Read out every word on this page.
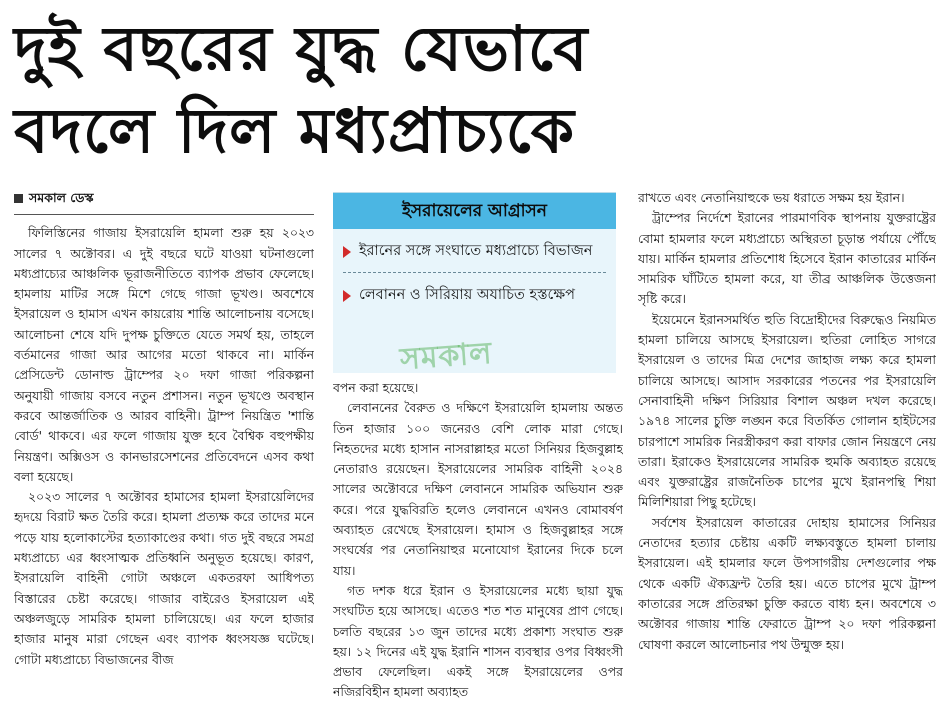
দুই বছরের যুদ্ধ যেভাবে
বদলে দিল মধ্যপ্রাচ্যকে
সমকাল ডেস্ক

ফিলিস্তিনের গাজায় ইসরায়েলি হামলা শুরু হয় ২০২৩ সালের ৭ অক্টোবর। এ দুই বছরে ঘটে যাওয়া ঘটনাগুলো মধ্যপ্রাচ্যের আঞ্চলিক ভূরাজনীতিতে ব্যাপক প্রভাব ফেলেছে। হামলায় মাটির সঙ্গে মিশে গেছে গাজা ভূখণ্ড। অবশেষে ইসরায়েল ও হামাস এখন কায়রোয় শান্তি আলোচনায় বসেছে। আলোচনা শেষে যদি দুপক্ষ চুক্তিতে যেতে সমর্থ হয়, তাহলে বর্তমানের গাজা আর আগের মতো থাকবে না। মার্কিন প্রেসিডেন্ট ডোনাল্ড ট্রাম্পের ২০ দফা গাজা পরিকল্পনা অনুযায়ী গাজায় বসবে নতুন প্রশাসন। নতুন ভূখণ্ডে অবস্থান করবে আন্তর্জাতিক ও আরব বাহিনী। ট্রাম্প নিয়ন্ত্রিত 'শান্তি বোর্ড' থাকবে। এর ফলে গাজায় যুক্ত হবে বৈশ্বিক বহুপক্ষীয় নিয়ন্ত্রণ। অক্সিওস ও কানভারসেশনের প্রতিবেদনে এসব কথা বলা হয়েছে।

২০২৩ সালের ৭ অক্টোবর হামাসের হামলা ইসরায়েলিদের হৃদয়ে বিরাট ক্ষত তৈরি করে। হামলা প্রত্যক্ষ করে তাদের মনে পড়ে যায় হলোকাস্টের হত্যাকাণ্ডের কথা। গত দুই বছরে সমগ্র মধ্যপ্রাচ্যে এর ধ্বংসাত্মক প্রতিধ্বনি অনুভূত হয়েছে। কারণ, ইসরায়েলি বাহিনী গোটা অঞ্চলে একতরফা আধিপত্য বিস্তারের চেষ্টা করেছে। গাজার বাইরেও ইসরায়েল এই অঞ্চলজুড়ে সামরিক হামলা চালিয়েছে। এর ফলে হাজার হাজার মানুষ মারা গেছেন এবং ব্যাপক ধ্বংসযজ্ঞ ঘটেছে। গোটা মধ্যপ্রাচ্যে বিভাজনের বীজ

ইসরায়েলের আগ্রাসন
ইরানের সঙ্গে সংঘাতে মধ্যপ্রাচ্যে বিভাজন
লেবানন ও সিরিয়ায় অযাচিত হস্তক্ষেপ
সমকাল

বপন করা হয়েছে।

লেবাননের বৈরুত ও দক্ষিণে ইসরায়েলি হামলায় অন্তত তিন হাজার ১০০ জনেরও বেশি লোক মারা গেছে। নিহতদের মধ্যে হাসান নাসরাল্লাহর মতো সিনিয়র হিজবুল্লাহ নেতারাও রয়েছেন। ইসরায়েলের সামরিক বাহিনী ২০২৪ সালের অক্টোবরে দক্ষিণ লেবাননে সামরিক অভিযান শুরু করে। পরে যুদ্ধবিরতি হলেও লেবাননে এখনও বোমাবর্ষণ অব্যাহত রেখেছে ইসরায়েল। হামাস ও হিজবুল্লাহর সঙ্গে সংঘর্ষের পর নেতানিয়াহুর মনোযোগ ইরানের দিকে চলে যায়।

গত দশক ধরে ইরান ও ইসরায়েলের মধ্যে ছায়া যুদ্ধ সংঘটিত হয়ে আসছে। এতেও শত শত মানুষের প্রাণ গেছে। চলতি বছরের ১৩ জুন তাদের মধ্যে প্রকাশ্য সংঘাত শুরু হয়। ১২ দিনের এই যুদ্ধ ইরানি শাসন ব্যবস্থার ওপর বিধ্বংসী প্রভাব ফেলেছিল। একই সঙ্গে ইসরায়েলের ওপর নজিরবিহীন হামলা অব্যাহত

রাখতে এবং নেতানিয়াহুকে ভয় ধরাতে সক্ষম হয় ইরান।

ট্রাম্পের নির্দেশে ইরানের পারমাণবিক স্থাপনায় যুক্তরাষ্ট্রের বোমা হামলার ফলে মধ্যপ্রাচ্যে অস্থিরতা চূড়ান্ত পর্যায়ে পৌঁছে যায়। মার্কিন হামলার প্রতিশোধ হিসেবে ইরান কাতারের মার্কিন সামরিক ঘাঁটিতে হামলা করে, যা তীব্র আঞ্চলিক উত্তেজনা সৃষ্টি করে।

ইয়েমেনে ইরানসমর্থিত হুতি বিদ্রোহীদের বিরুদ্ধেও নিয়মিত হামলা চালিয়ে আসছে ইসরায়েল। হুতিরা লোহিত সাগরে ইসরায়েল ও তাদের মিত্র দেশের জাহাজ লক্ষ্য করে হামলা চালিয়ে আসছে। আসাদ সরকারের পতনের পর ইসরায়েলি সেনাবাহিনী দক্ষিণ সিরিয়ার বিশাল অঞ্চল দখল করেছে। ১৯৭৪ সালের চুক্তি লঙ্ঘন করে বিতর্কিত গোলান হাইটসের চারপাশে সামরিক নিরস্ত্রীকরণ করা বাফার জোন নিয়ন্ত্রণে নেয় তারা। ইরাকেও ইসরায়েলের সামরিক হুমকি অব্যাহত রয়েছে এবং যুক্তরাষ্ট্রের রাজনৈতিক চাপের মুখে ইরানপন্থি শিয়া মিলিশিয়ারা পিছু হটেছে।

সর্বশেষ ইসরায়েল কাতারের দোহায় হামাসের সিনিয়র নেতাদের হত্যার চেষ্টায় একটি লক্ষ্যবস্তুতে হামলা চালায় ইসরায়েল। এই হামলার ফলে উপসাগরীয় দেশগুলোর পক্ষ থেকে একটি ঐক্যফ্রন্ট তৈরি হয়। এতে চাপের মুখে ট্রাম্প কাতারের সঙ্গে প্রতিরক্ষা চুক্তি করতে বাধ্য হন। অবশেষে ৩ অক্টোবর গাজায় শান্তি ফেরাতে ট্রাম্প ২০ দফা পরিকল্পনা ঘোষণা করলে আলোচনার পথ উন্মুক্ত হয়।
